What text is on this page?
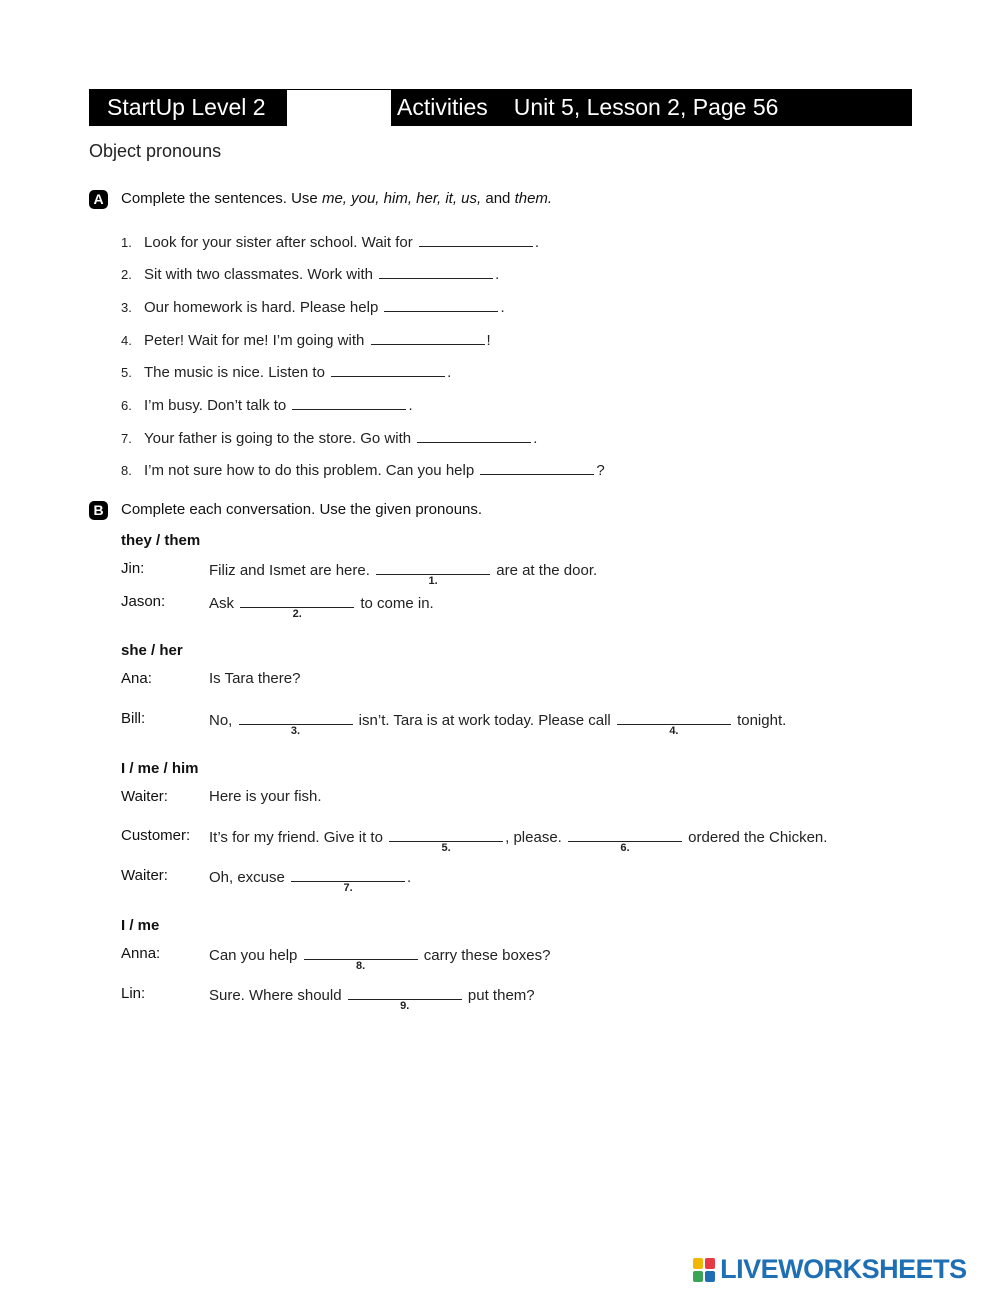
StartUp Level 2	Activities Unit 5, Lesson 2, Page 56
Object pronouns
A Complete the sentences. Use me, you, him, her, it, us, and them.
1. Look for your sister after school. Wait for	.
2. Sit with two classmates. Work with	.
3. Our homework is hard. Please help	.
4. Peter! Wait for me! I’m going with	!
5. The music is nice. Listen to	.
6. I’m busy. Don’t talk to	.
7. Your father is going to the store. Go with	.
8. I’m not sure how to do this problem. Can you help	?
B Complete each conversation. Use the given pronouns.
they / them
Jin:	Filiz and Ismet are here.
1.
are at the door.
Jason:	Ask
2.
to come in.
she / her
Ana:	Is Tara there?
Bill:	No,
3.
isn’t. Tara is at work today. Please call
4.
tonight.
I / me / him
Waiter:	Here is your fish.
Customer: It’s for my friend. Give it to
5.
, please.
6.
ordered the Chicken.
Waiter:	Oh, excuse
7.
.
I / me
Anna:	Can you help
8.
carry these boxes?
Lin:	Sure. Where should
9.
put them?
LIVEWORKSHEETS
